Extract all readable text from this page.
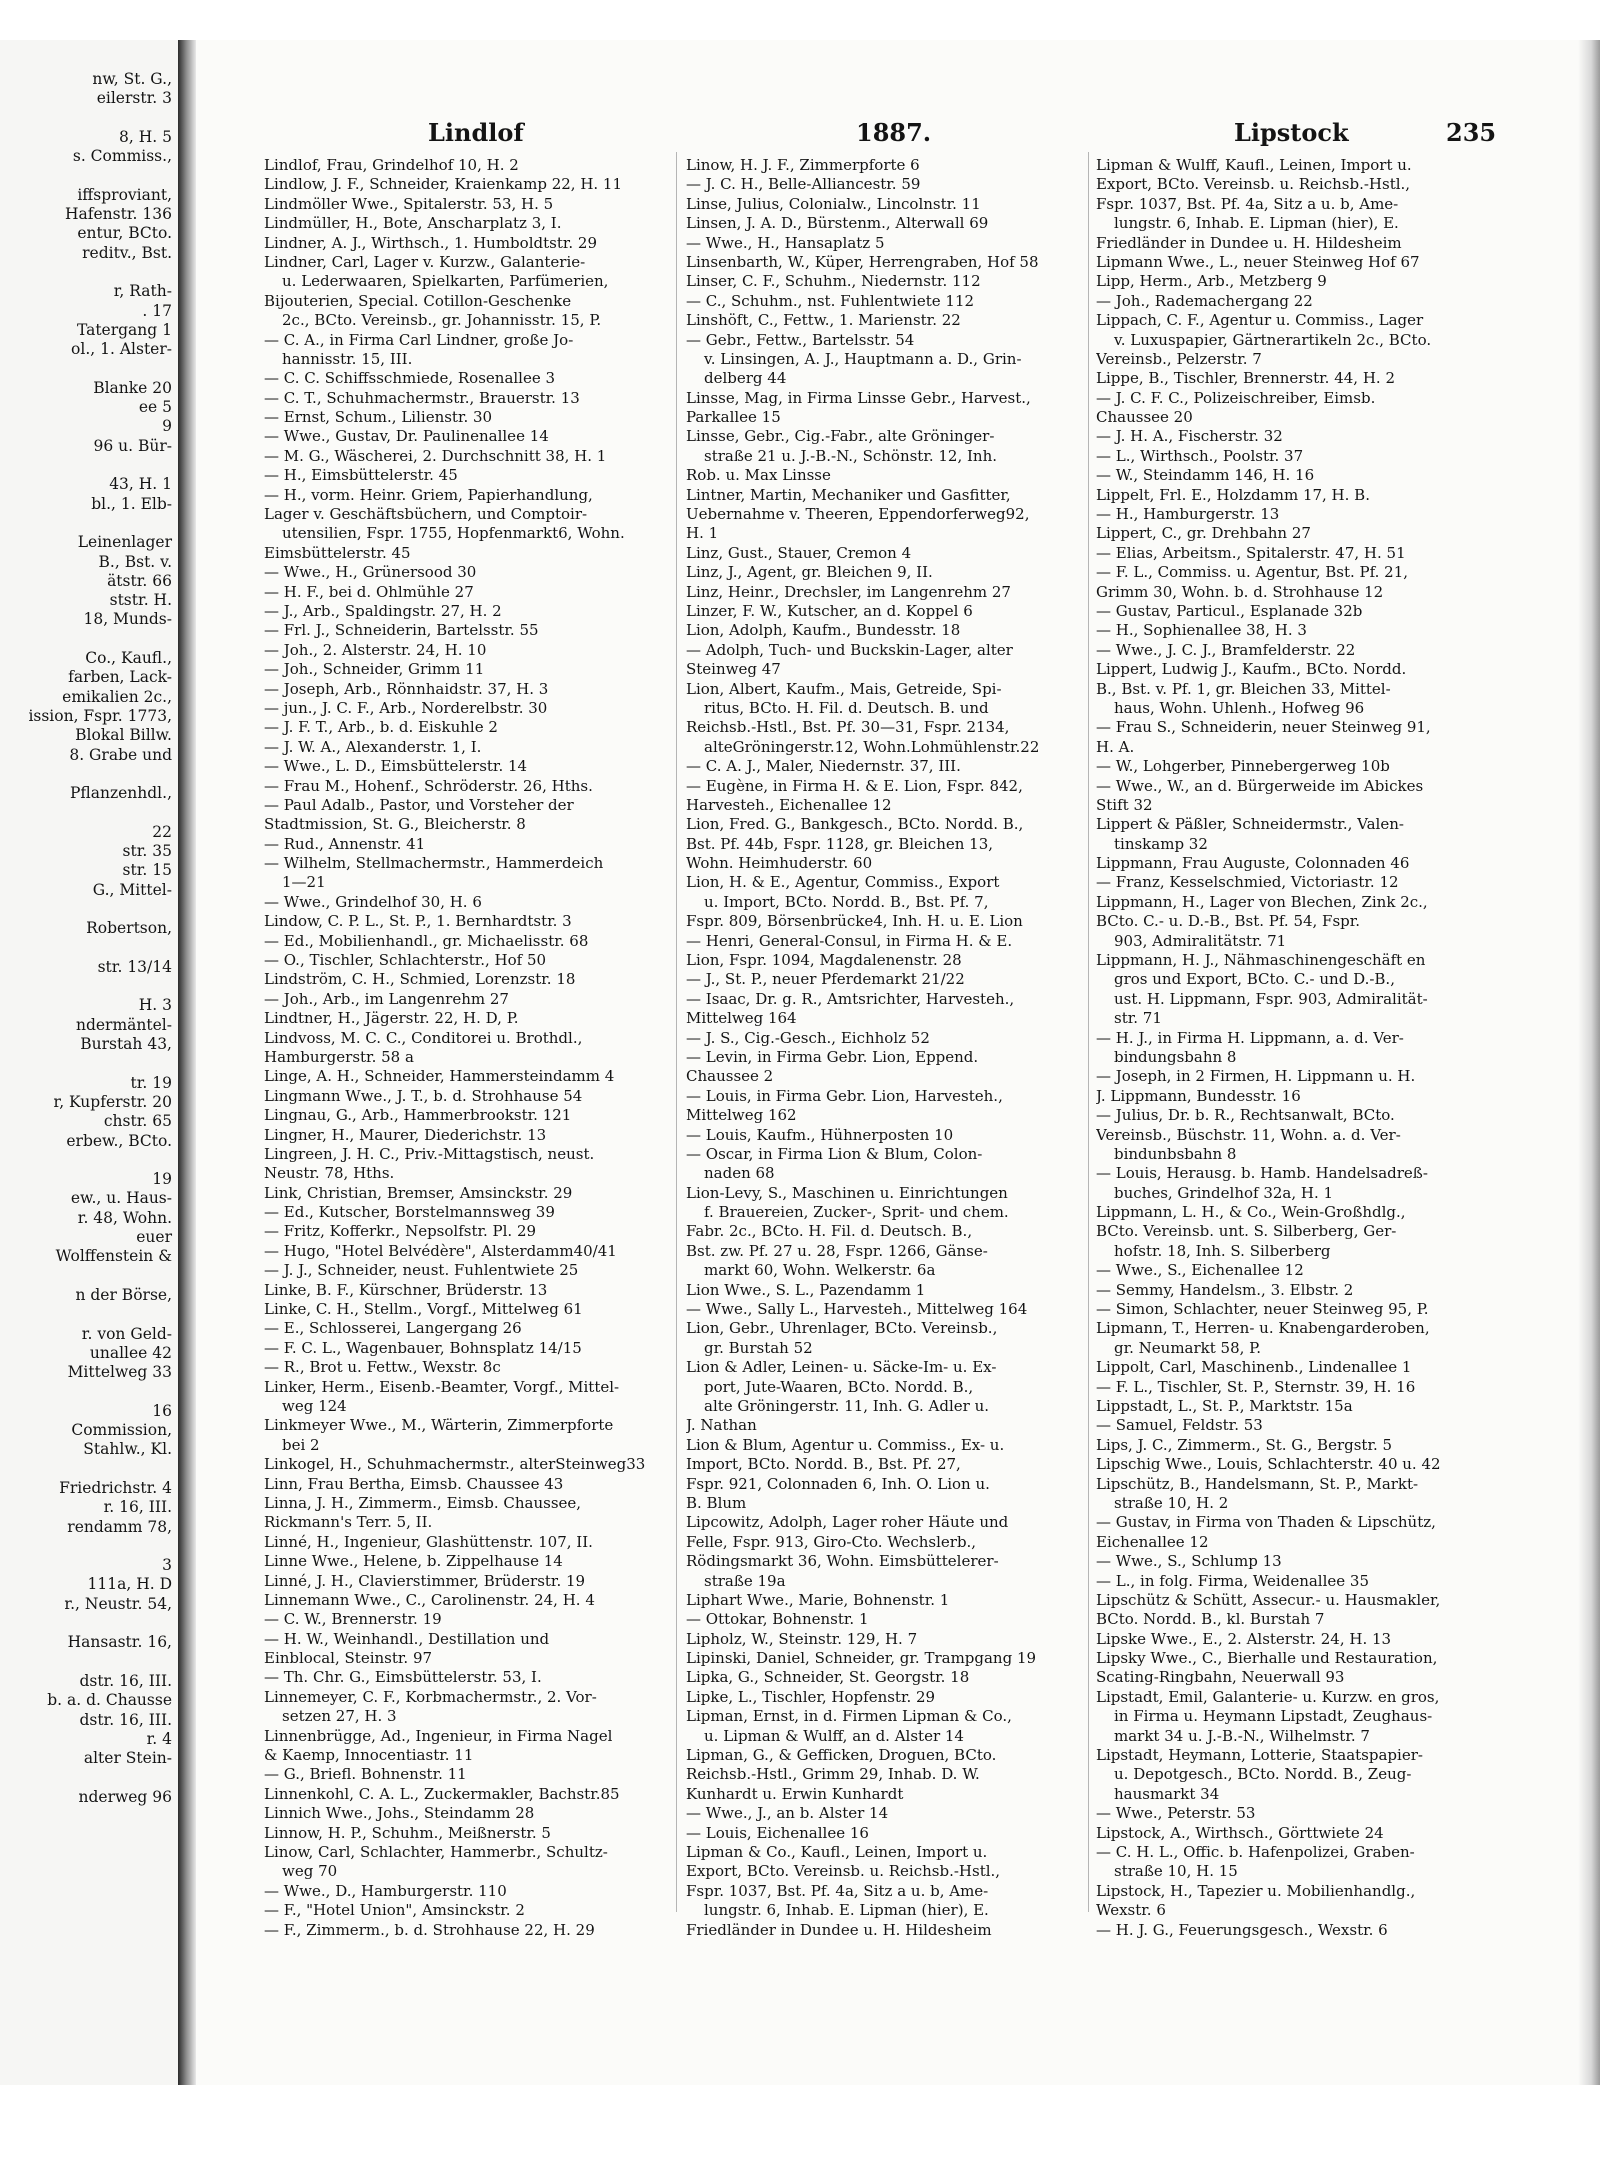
nw, St. G.,
eilerstr. 3
8, H. 5
s. Commiss.,
iffsproviant,
Hafenstr. 136
entur, BCto.
reditv., Bst.
r, Rath-
. 17
Tatergang 1
ol., 1. Alster-
Blanke 20
ee 5
9
96 u. Bür-
43, H. 1
bl., 1. Elb-
Leinenlager
B., Bst. v.
ätstr. 66
ststr. H.
18, Munds-
Co., Kaufl.,
farben, Lack-
emikalien 2c.,
ission, Fspr. 1773,
Blokal Billw.
8. Grabe und
Pflanzenhdl.,
22
str. 35
str. 15
G., Mittel-
Robertson,
str. 13/14
H. 3
ndermäntel-
Burstah 43,
tr. 19
r, Kupferstr. 20
chstr. 65
erbew., BCto.
19
ew., u. Haus-
r. 48, Wohn.
euer
Wolffenstein &
n der Börse,
r. von Geld-
unallee 42
Mittelweg 33
16
Commission,
Stahlw., Kl.
Friedrichstr. 4
r. 16, III.
rendamm 78,
3
111a, H. D
r., Neustr. 54,
Hansastr. 16,
dstr. 16, III.
b. a. d. Chausse
dstr. 16, III.
r. 4
alter Stein-
nderweg 96
Lindlof	1887.	Lipstock	235
Lindlof, Frau, Grindelhof 10, H. 2
Lindlow, J. F., Schneider, Kraienkamp 22, H. 11
Lindmöller Wwe., Spitalerstr. 53, H. 5
Lindmüller, H., Bote, Anscharplatz 3, I.
Lindner, A. J., Wirthsch., 1. Humboldtstr. 29
Lindner, Carl, Lager v. Kurzw., Galanterie-
u. Lederwaaren, Spielkarten, Parfümerien,
Bijouterien, Special. Cotillon-Geschenke
2c., BCto. Vereinsb., gr. Johannisstr. 15, P.
— C. A., in Firma Carl Lindner, große Jo-
hannisstr. 15, III.
— C. C. Schiffsschmiede, Rosenallee 3
— C. T., Schuhmachermstr., Brauerstr. 13
— Ernst, Schum., Lilienstr. 30
— Wwe., Gustav, Dr. Paulinenallee 14
— M. G., Wäscherei, 2. Durchschnitt 38, H. 1
— H., Eimsbüttelerstr. 45
— H., vorm. Heinr. Griem, Papierhandlung,
Lager v. Geschäftsbüchern, und Comptoir-
utensilien, Fspr. 1755, Hopfenmarkt6, Wohn.
Eimsbüttelerstr. 45
— Wwe., H., Grünersood 30
— H. F., bei d. Ohlmühle 27
— J., Arb., Spaldingstr. 27, H. 2
— Frl. J., Schneiderin, Bartelsstr. 55
— Joh., 2. Alsterstr. 24, H. 10
— Joh., Schneider, Grimm 11
— Joseph, Arb., Rönnhaidstr. 37, H. 3
— jun., J. C. F., Arb., Norderelbstr. 30
— J. F. T., Arb., b. d. Eiskuhle 2
— J. W. A., Alexanderstr. 1, I.
— Wwe., L. D., Eimsbüttelerstr. 14
— Frau M., Hohenf., Schröderstr. 26, Hths.
— Paul Adalb., Pastor, und Vorsteher der
Stadtmission, St. G., Bleicherstr. 8
— Rud., Annenstr. 41
— Wilhelm, Stellmachermstr., Hammerdeich
1—21
— Wwe., Grindelhof 30, H. 6
Lindow, C. P. L., St. P., 1. Bernhardtstr. 3
— Ed., Mobilienhandl., gr. Michaelisstr. 68
— O., Tischler, Schlachterstr., Hof 50
Lindström, C. H., Schmied, Lorenzstr. 18
— Joh., Arb., im Langenrehm 27
Lindtner, H., Jägerstr. 22, H. D, P.
Lindvoss, M. C. C., Conditorei u. Brothdl.,
Hamburgerstr. 58 a
Linge, A. H., Schneider, Hammersteindamm 4
Lingmann Wwe., J. T., b. d. Strohhause 54
Lingnau, G., Arb., Hammerbrookstr. 121
Lingner, H., Maurer, Diederichstr. 13
Lingreen, J. H. C., Priv.-Mittagstisch, neust.
Neustr. 78, Hths.
Link, Christian, Bremser, Amsinckstr. 29
— Ed., Kutscher, Borstelmannsweg 39
— Fritz, Kofferkr., Nepsolfstr. Pl. 29
— Hugo, "Hotel Belvédère", Alsterdamm40/41
— J. J., Schneider, neust. Fuhlentwiete 25
Linke, B. F., Kürschner, Brüderstr. 13
Linke, C. H., Stellm., Vorgf., Mittelweg 61
— E., Schlosserei, Langergang 26
— F. C. L., Wagenbauer, Bohnsplatz 14/15
— R., Brot u. Fettw., Wexstr. 8c
Linker, Herm., Eisenb.-Beamter, Vorgf., Mittel-
weg 124
Linkmeyer Wwe., M., Wärterin, Zimmerpforte
bei 2
Linkogel, H., Schuhmachermstr., alterSteinweg33
Linn, Frau Bertha, Eimsb. Chaussee 43
Linna, J. H., Zimmerm., Eimsb. Chaussee,
Rickmann's Terr. 5, II.
Linné, H., Ingenieur, Glashüttenstr. 107, II.
Linne Wwe., Helene, b. Zippelhause 14
Linné, J. H., Clavierstimmer, Brüderstr. 19
Linnemann Wwe., C., Carolinenstr. 24, H. 4
— C. W., Brennerstr. 19
— H. W., Weinhandl., Destillation und
Einblocal, Steinstr. 97
— Th. Chr. G., Eimsbüttelerstr. 53, I.
Linnemeyer, C. F., Korbmachermstr., 2. Vor-
setzen 27, H. 3
Linnenbrügge, Ad., Ingenieur, in Firma Nagel
& Kaemp, Innocentiastr. 11
— G., Briefl. Bohnenstr. 11
Linnenkohl, C. A. L., Zuckermakler, Bachstr.85
Linnich Wwe., Johs., Steindamm 28
Linnow, H. P., Schuhm., Meißnerstr. 5
Linow, Carl, Schlachter, Hammerbr., Schultz-
weg 70
— Wwe., D., Hamburgerstr. 110
— F., "Hotel Union", Amsinckstr. 2
— F., Zimmerm., b. d. Strohhause 22, H. 29
Linow, H. J. F., Zimmerpforte 6
— J. C. H., Belle-Alliancestr. 59
Linse, Julius, Colonialw., Lincolnstr. 11
Linsen, J. A. D., Bürstenm., Alterwall 69
— Wwe., H., Hansaplatz 5
Linsenbarth, W., Küper, Herrengraben, Hof 58
Linser, C. F., Schuhm., Niedernstr. 112
— C., Schuhm., nst. Fuhlentwiete 112
Linshöft, C., Fettw., 1. Marienstr. 22
— Gebr., Fettw., Bartelsstr. 54
v. Linsingen, A. J., Hauptmann a. D., Grin-
delberg 44
Linsse, Mag, in Firma Linsse Gebr., Harvest.,
Parkallee 15
Linsse, Gebr., Cig.-Fabr., alte Gröninger-
straße 21 u. J.-B.-N., Schönstr. 12, Inh.
Rob. u. Max Linsse
Lintner, Martin, Mechaniker und Gasfitter,
Uebernahme v. Theeren, Eppendorferweg92,
H. 1
Linz, Gust., Stauer, Cremon 4
Linz, J., Agent, gr. Bleichen 9, II.
Linz, Heinr., Drechsler, im Langenrehm 27
Linzer, F. W., Kutscher, an d. Koppel 6
Lion, Adolph, Kaufm., Bundesstr. 18
— Adolph, Tuch- und Buckskin-Lager, alter
Steinweg 47
Lion, Albert, Kaufm., Mais, Getreide, Spi-
ritus, BCto. H. Fil. d. Deutsch. B. und
Reichsb.-Hstl., Bst. Pf. 30—31, Fspr. 2134,
alteGröningerstr.12, Wohn.Lohmühlenstr.22
— C. A. J., Maler, Niedernstr. 37, III.
— Eugène, in Firma H. & E. Lion, Fspr. 842,
Harvesteh., Eichenallee 12
Lion, Fred. G., Bankgesch., BCto. Nordd. B.,
Bst. Pf. 44b, Fspr. 1128, gr. Bleichen 13,
Wohn. Heimhuderstr. 60
Lion, H. & E., Agentur, Commiss., Export
u. Import, BCto. Nordd. B., Bst. Pf. 7,
Fspr. 809, Börsenbrücke4, Inh. H. u. E. Lion
— Henri, General-Consul, in Firma H. & E.
Lion, Fspr. 1094, Magdalenenstr. 28
— J., St. P., neuer Pferdemarkt 21/22
— Isaac, Dr. g. R., Amtsrichter, Harvesteh.,
Mittelweg 164
— J. S., Cig.-Gesch., Eichholz 52
— Levin, in Firma Gebr. Lion, Eppend.
Chaussee 2
— Louis, in Firma Gebr. Lion, Harvesteh.,
Mittelweg 162
— Louis, Kaufm., Hühnerposten 10
— Oscar, in Firma Lion & Blum, Colon-
naden 68
Lion-Levy, S., Maschinen u. Einrichtungen
f. Brauereien, Zucker-, Sprit- und chem.
Fabr. 2c., BCto. H. Fil. d. Deutsch. B.,
Bst. zw. Pf. 27 u. 28, Fspr. 1266, Gänse-
markt 60, Wohn. Welkerstr. 6a
Lion Wwe., S. L., Pazendamm 1
— Wwe., Sally L., Harvesteh., Mittelweg 164
Lion, Gebr., Uhrenlager, BCto. Vereinsb.,
gr. Burstah 52
Lion & Adler, Leinen- u. Säcke-Im- u. Ex-
port, Jute-Waaren, BCto. Nordd. B.,
alte Gröningerstr. 11, Inh. G. Adler u.
J. Nathan
Lion & Blum, Agentur u. Commiss., Ex- u.
Import, BCto. Nordd. B., Bst. Pf. 27,
Fspr. 921, Colonnaden 6, Inh. O. Lion u.
B. Blum
Lipcowitz, Adolph, Lager roher Häute und
Felle, Fspr. 913, Giro-Cto. Wechslerb.,
Rödingsmarkt 36, Wohn. Eimsbüttelerer-
straße 19a
Liphart Wwe., Marie, Bohnenstr. 1
— Ottokar, Bohnenstr. 1
Lipholz, W., Steinstr. 129, H. 7
Lipinski, Daniel, Schneider, gr. Trampgang 19
Lipka, G., Schneider, St. Georgstr. 18
Lipke, L., Tischler, Hopfenstr. 29
Lipman, Ernst, in d. Firmen Lipman & Co.,
u. Lipman & Wulff, an d. Alster 14
Lipman, G., & Gefficken, Droguen, BCto.
Reichsb.-Hstl., Grimm 29, Inhab. D. W.
Kunhardt u. Erwin Kunhardt
— Wwe., J., an b. Alster 14
— Louis, Eichenallee 16
Lipman & Co., Kaufl., Leinen, Import u.
Export, BCto. Vereinsb. u. Reichsb.-Hstl.,
Fspr. 1037, Bst. Pf. 4a, Sitz a u. b, Ame-
lungstr. 6, Inhab. E. Lipman (hier), E.
Friedländer in Dundee u. H. Hildesheim
Lipman & Wulff, Kaufl., Leinen, Import u.
Export, BCto. Vereinsb. u. Reichsb.-Hstl.,
Fspr. 1037, Bst. Pf. 4a, Sitz a u. b, Ame-
lungstr. 6, Inhab. E. Lipman (hier), E.
Friedländer in Dundee u. H. Hildesheim
Lipmann Wwe., L., neuer Steinweg Hof 67
Lipp, Herm., Arb., Metzberg 9
— Joh., Rademachergang 22
Lippach, C. F., Agentur u. Commiss., Lager
v. Luxuspapier, Gärtnerartikeln 2c., BCto.
Vereinsb., Pelzerstr. 7
Lippe, B., Tischler, Brennerstr. 44, H. 2
— J. C. F. C., Polizeischreiber, Eimsb.
Chaussee 20
— J. H. A., Fischerstr. 32
— L., Wirthsch., Poolstr. 37
— W., Steindamm 146, H. 16
Lippelt, Frl. E., Holzdamm 17, H. B.
— H., Hamburgerstr. 13
Lippert, C., gr. Drehbahn 27
— Elias, Arbeitsm., Spitalerstr. 47, H. 51
— F. L., Commiss. u. Agentur, Bst. Pf. 21,
Grimm 30, Wohn. b. d. Strohhause 12
— Gustav, Particul., Esplanade 32b
— H., Sophienallee 38, H. 3
— Wwe., J. C. J., Bramfelderstr. 22
Lippert, Ludwig J., Kaufm., BCto. Nordd.
B., Bst. v. Pf. 1, gr. Bleichen 33, Mittel-
haus, Wohn. Uhlenh., Hofweg 96
— Frau S., Schneiderin, neuer Steinweg 91,
H. A.
— W., Lohgerber, Pinnebergerweg 10b
— Wwe., W., an d. Bürgerweide im Abickes
Stift 32
Lippert & Päßler, Schneidermstr., Valen-
tinskamp 32
Lippmann, Frau Auguste, Colonnaden 46
— Franz, Kesselschmied, Victoriastr. 12
Lippmann, H., Lager von Blechen, Zink 2c.,
BCto. C.- u. D.-B., Bst. Pf. 54, Fspr.
903, Admiralitätstr. 71
Lippmann, H. J., Nähmaschinengeschäft en
gros und Export, BCto. C.- und D.-B.,
ust. H. Lippmann, Fspr. 903, Admiralität-
str. 71
— H. J., in Firma H. Lippmann, a. d. Ver-
bindungsbahn 8
— Joseph, in 2 Firmen, H. Lippmann u. H.
J. Lippmann, Bundesstr. 16
— Julius, Dr. b. R., Rechtsanwalt, BCto.
Vereinsb., Büschstr. 11, Wohn. a. d. Ver-
bindunbsbahn 8
— Louis, Herausg. b. Hamb. Handelsadreß-
buches, Grindelhof 32a, H. 1
Lippmann, L. H., & Co., Wein-Großhdlg.,
BCto. Vereinsb. unt. S. Silberberg, Ger-
hofstr. 18, Inh. S. Silberberg
— Wwe., S., Eichenallee 12
— Semmy, Handelsm., 3. Elbstr. 2
— Simon, Schlachter, neuer Steinweg 95, P.
Lipmann, T., Herren- u. Knabengarderoben,
gr. Neumarkt 58, P.
Lippolt, Carl, Maschinenb., Lindenallee 1
— F. L., Tischler, St. P., Sternstr. 39, H. 16
Lippstadt, L., St. P., Marktstr. 15a
— Samuel, Feldstr. 53
Lips, J. C., Zimmerm., St. G., Bergstr. 5
Lipschig Wwe., Louis, Schlachterstr. 40 u. 42
Lipschütz, B., Handelsmann, St. P., Markt-
straße 10, H. 2
— Gustav, in Firma von Thaden & Lipschütz,
Eichenallee 12
— Wwe., S., Schlump 13
— L., in folg. Firma, Weidenallee 35
Lipschütz & Schütt, Assecur.- u. Hausmakler,
BCto. Nordd. B., kl. Burstah 7
Lipske Wwe., E., 2. Alsterstr. 24, H. 13
Lipsky Wwe., C., Bierhalle und Restauration,
Scating-Ringbahn, Neuerwall 93
Lipstadt, Emil, Galanterie- u. Kurzw. en gros,
in Firma u. Heymann Lipstadt, Zeughaus-
markt 34 u. J.-B.-N., Wilhelmstr. 7
Lipstadt, Heymann, Lotterie, Staatspapier-
u. Depotgesch., BCto. Nordd. B., Zeug-
hausmarkt 34
— Wwe., Peterstr. 53
Lipstock, A., Wirthsch., Görttwiete 24
— C. H. L., Offic. b. Hafenpolizei, Graben-
straße 10, H. 15
Lipstock, H., Tapezier u. Mobilienhandlg.,
Wexstr. 6
— H. J. G., Feuerungsgesch., Wexstr. 6
